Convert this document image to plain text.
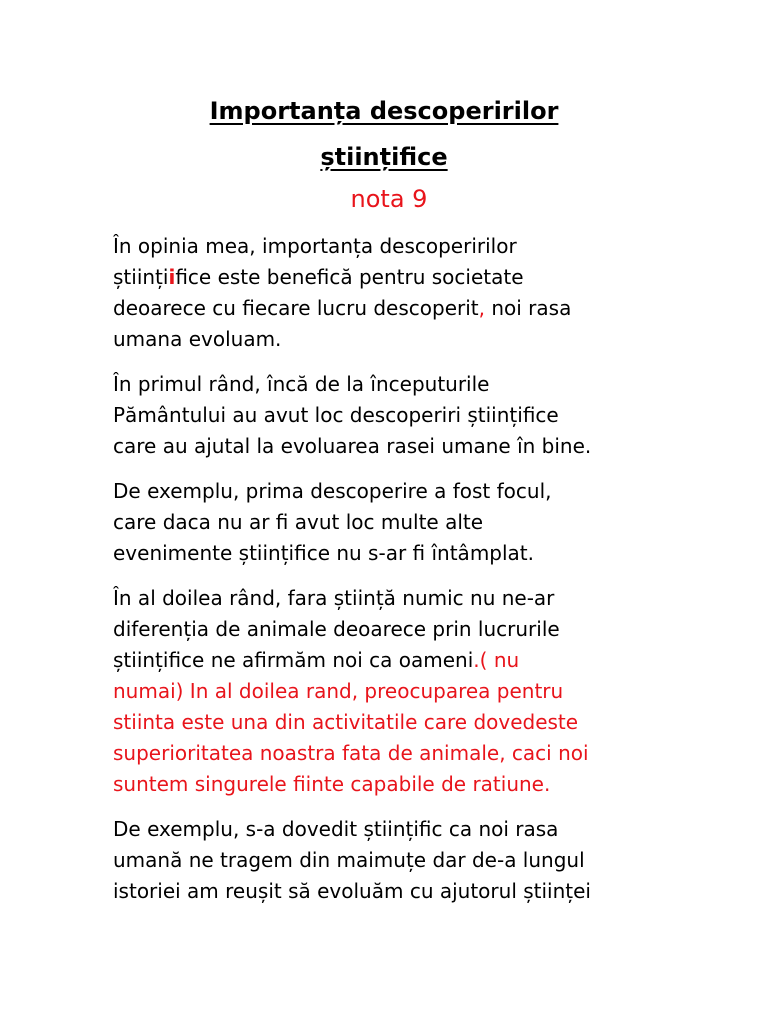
Importanța descoperirilor
științifice
nota 9

În opinia mea, importanța descoperirilor
științiifice este benefică pentru societate
deoarece cu fiecare lucru descoperit, noi rasa
umana evoluam.

În primul rând, încă de la începuturile
Pământului au avut loc descoperiri științifice
care au ajutal la evoluarea rasei umane în bine.

De exemplu, prima descoperire a fost focul,
care daca nu ar fi avut loc multe alte
evenimente științifice nu s-ar fi întâmplat.

În al doilea rând, fara știință numic nu ne-ar
diferenția de animale deoarece prin lucrurile
științifice ne afirmăm noi ca oameni.( nu
numai) In al doilea rand, preocuparea pentru
stiinta este una din activitatile care dovedeste
superioritatea noastra fata de animale, caci noi
suntem singurele fiinte capabile de ratiune.

De exemplu, s-a dovedit științific ca noi rasa
umană ne tragem din maimuțe dar de-a lungul
istoriei am reușit să evoluăm cu ajutorul științei
